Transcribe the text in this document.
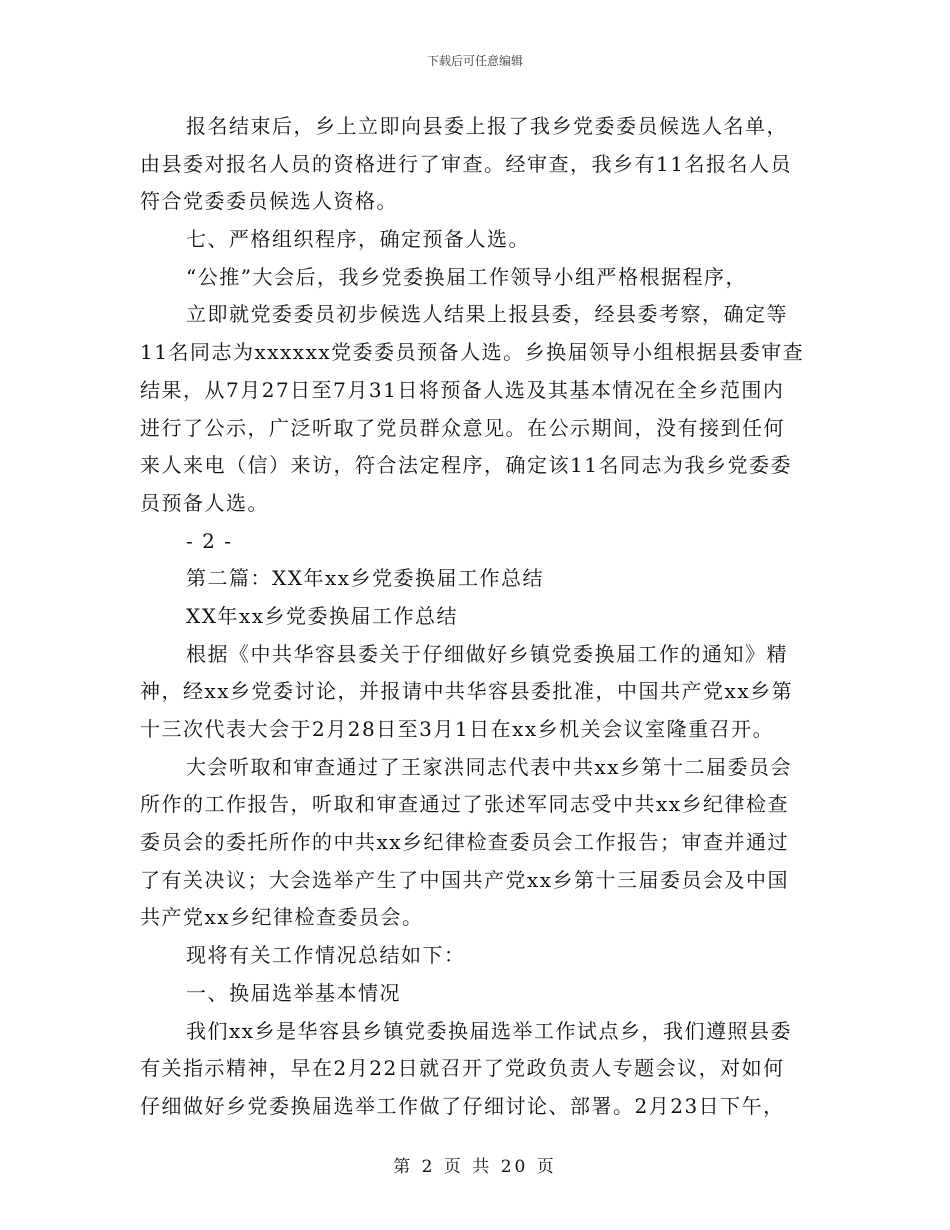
下载后可任意编辑
报名结束后，乡上立即向县委上报了我乡党委委员候选人名单，
由县委对报名人员的资格进行了审查。经审查，我乡有11名报名人员
符合党委委员候选人资格。
七、严格组织程序，确定预备人选。
“公推”大会后，我乡党委换届工作领导小组严格根据程序，
立即就党委委员初步候选人结果上报县委，经县委考察，确定等
11名同志为xxxxxx党委委员预备人选。乡换届领导小组根据县委审查
结果，从7月27日至7月31日将预备人选及其基本情况在全乡范围内
进行了公示，广泛听取了党员群众意见。在公示期间，没有接到任何
来人来电（信）来访，符合法定程序，确定该11名同志为我乡党委委
员预备人选。
- 2 -
第二篇：XX年xx乡党委换届工作总结
XX年xx乡党委换届工作总结
根据《中共华容县委关于仔细做好乡镇党委换届工作的通知》精
神，经xx乡党委讨论，并报请中共华容县委批准，中国共产党xx乡第
十三次代表大会于2月28日至3月1日在xx乡机关会议室隆重召开。
大会听取和审查通过了王家洪同志代表中共xx乡第十二届委员会
所作的工作报告，听取和审查通过了张述军同志受中共xx乡纪律检查
委员会的委托所作的中共xx乡纪律检查委员会工作报告；审查并通过
了有关决议；大会选举产生了中国共产党xx乡第十三届委员会及中国
共产党xx乡纪律检查委员会。
现将有关工作情况总结如下：
一、换届选举基本情况
我们xx乡是华容县乡镇党委换届选举工作试点乡，我们遵照县委
有关指示精神，早在2月22日就召开了党政负责人专题会议，对如何
仔细做好乡党委换届选举工作做了仔细讨论、部署。2月23日下午，
第 2 页 共 20 页
